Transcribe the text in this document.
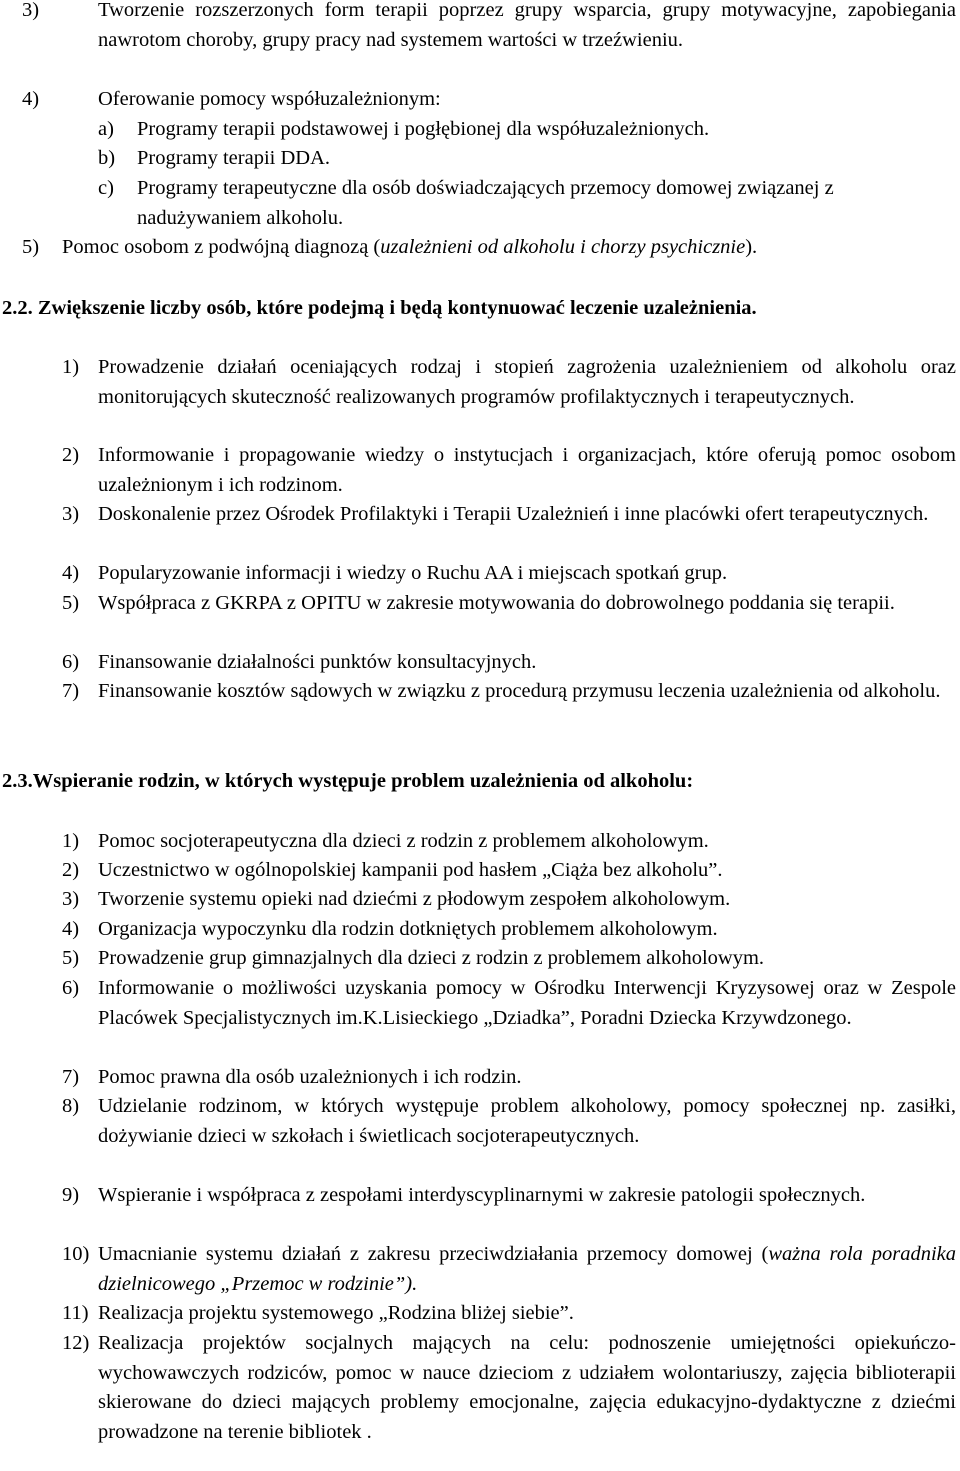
3)	Tworzenie rozszerzonych form terapii poprzez grupy wsparcia, grupy motywacyjne, zapobiegania nawrotom choroby, grupy pracy nad systemem wartości w trzeźwieniu.
4)	Oferowanie pomocy współuzależnionym:
a)	Programy terapii podstawowej i pogłębionej dla współuzależnionych.
b)	Programy terapii DDA.
c)	Programy terapeutyczne dla osób doświadczających przemocy domowej związanej z nadużywaniem alkoholu.
5)	Pomoc osobom z podwójną diagnozą (uzależnieni od alkoholu i chorzy psychicznie).
2.2. Zwiększenie liczby osób, które podejmą i będą kontynuować leczenie uzależnienia.
1) Prowadzenie działań oceniających rodzaj i stopień zagrożenia uzależnieniem od alkoholu oraz monitorujących skuteczność realizowanych programów profilaktycznych i terapeutycznych.
2) Informowanie i propagowanie wiedzy o instytucjach i organizacjach, które oferują pomoc osobom uzależnionym i ich rodzinom.
3) Doskonalenie przez Ośrodek Profilaktyki i Terapii Uzależnień i inne placówki ofert terapeutycznych.
4) Popularyzowanie informacji i wiedzy o Ruchu AA i miejscach spotkań grup.
5) Współpraca z GKRPA z OPITU w zakresie motywowania do dobrowolnego poddania się terapii.
6) Finansowanie działalności punktów konsultacyjnych.
7) Finansowanie kosztów sądowych w związku z procedurą przymusu leczenia uzależnienia od alkoholu.
2.3.Wspieranie rodzin, w których występuje problem uzależnienia od alkoholu:
1) Pomoc socjoterapeutyczna dla dzieci z rodzin z problemem alkoholowym.
2) Uczestnictwo w ogólnopolskiej kampanii pod hasłem „Ciąża bez alkoholu”.
3) Tworzenie systemu opieki nad dziećmi z płodowym zespołem alkoholowym.
4) Organizacja wypoczynku dla rodzin dotkniętych problemem alkoholowym.
5) Prowadzenie grup gimnazjalnych dla dzieci z rodzin z problemem alkoholowym.
6) Informowanie o możliwości uzyskania pomocy w Ośrodku Interwencji Kryzysowej oraz w Zespole Placówek Specjalistycznych im.K.Lisieckiego „Dziadka”, Poradni Dziecka Krzywdzonego.
7) Pomoc prawna dla osób uzależnionych i ich rodzin.
8) Udzielanie rodzinom, w których występuje problem alkoholowy, pomocy społecznej np. zasiłki, dożywianie dzieci w szkołach i świetlicach socjoterapeutycznych.
9) Wspieranie i współpraca z zespołami interdyscyplinarnymi w zakresie patologii społecznych.
10) Umacnianie systemu działań z zakresu przeciwdziałania przemocy domowej (ważna rola poradnika dzielnicowego „Przemoc w rodzinie”).
11) Realizacja projektu systemowego „Rodzina bliżej siebie”.
12) Realizacja projektów socjalnych mających na celu: podnoszenie umiejętności opiekuńczo-wychowawczych rodziców, pomoc w nauce dzieciom z udziałem wolontariuszy, zajęcia biblioterapii skierowane do dzieci mających problemy emocjonalne, zajęcia edukacyjno-dydaktyczne z dziećmi prowadzone na terenie bibliotek .
